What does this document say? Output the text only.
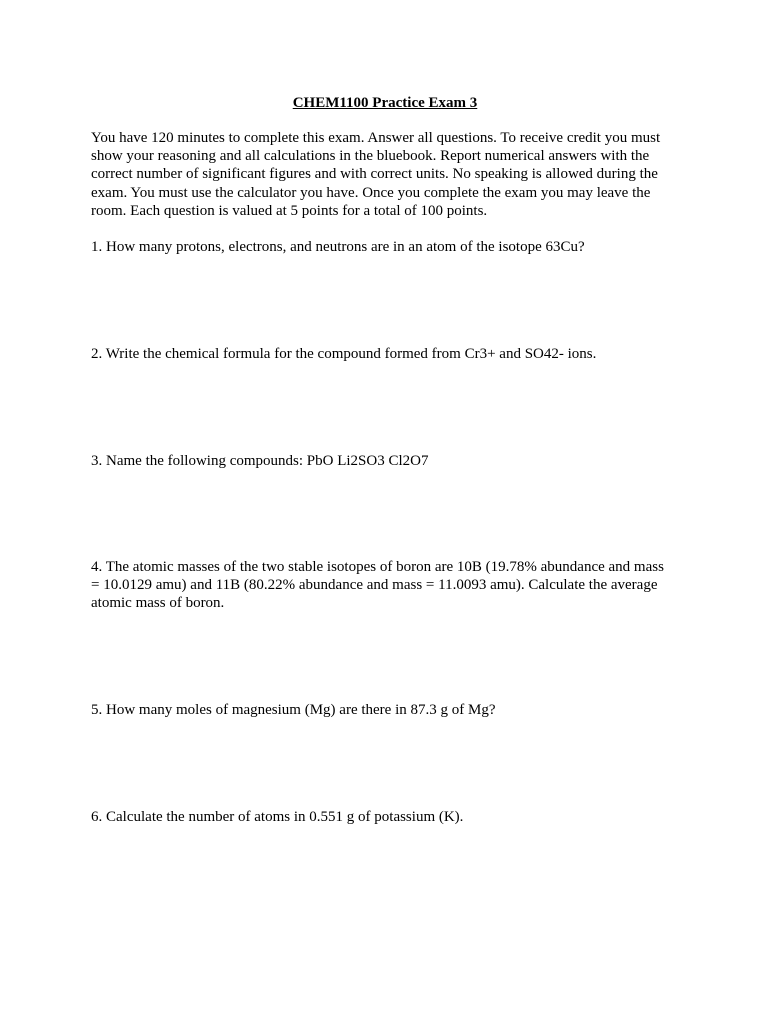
CHEM1100 Practice Exam 3
You have 120 minutes to complete this exam. Answer all questions. To receive credit you must
show your reasoning and all calculations in the bluebook. Report numerical answers with the
correct number of significant figures and with correct units. No speaking is allowed during the
exam. You must use the calculator you have. Once you complete the exam you may leave the
room. Each question is valued at 5 points for a total of 100 points.
1. How many protons, electrons, and neutrons are in an atom of the isotope 63Cu?
2. Write the chemical formula for the compound formed from Cr3+ and SO42- ions.
3. Name the following compounds: PbO Li2SO3 Cl2O7
4. The atomic masses of the two stable isotopes of boron are 10B (19.78% abundance and mass
= 10.0129 amu) and 11B (80.22% abundance and mass = 11.0093 amu). Calculate the average
atomic mass of boron.
5. How many moles of magnesium (Mg) are there in 87.3 g of Mg?
6. Calculate the number of atoms in 0.551 g of potassium (K).
